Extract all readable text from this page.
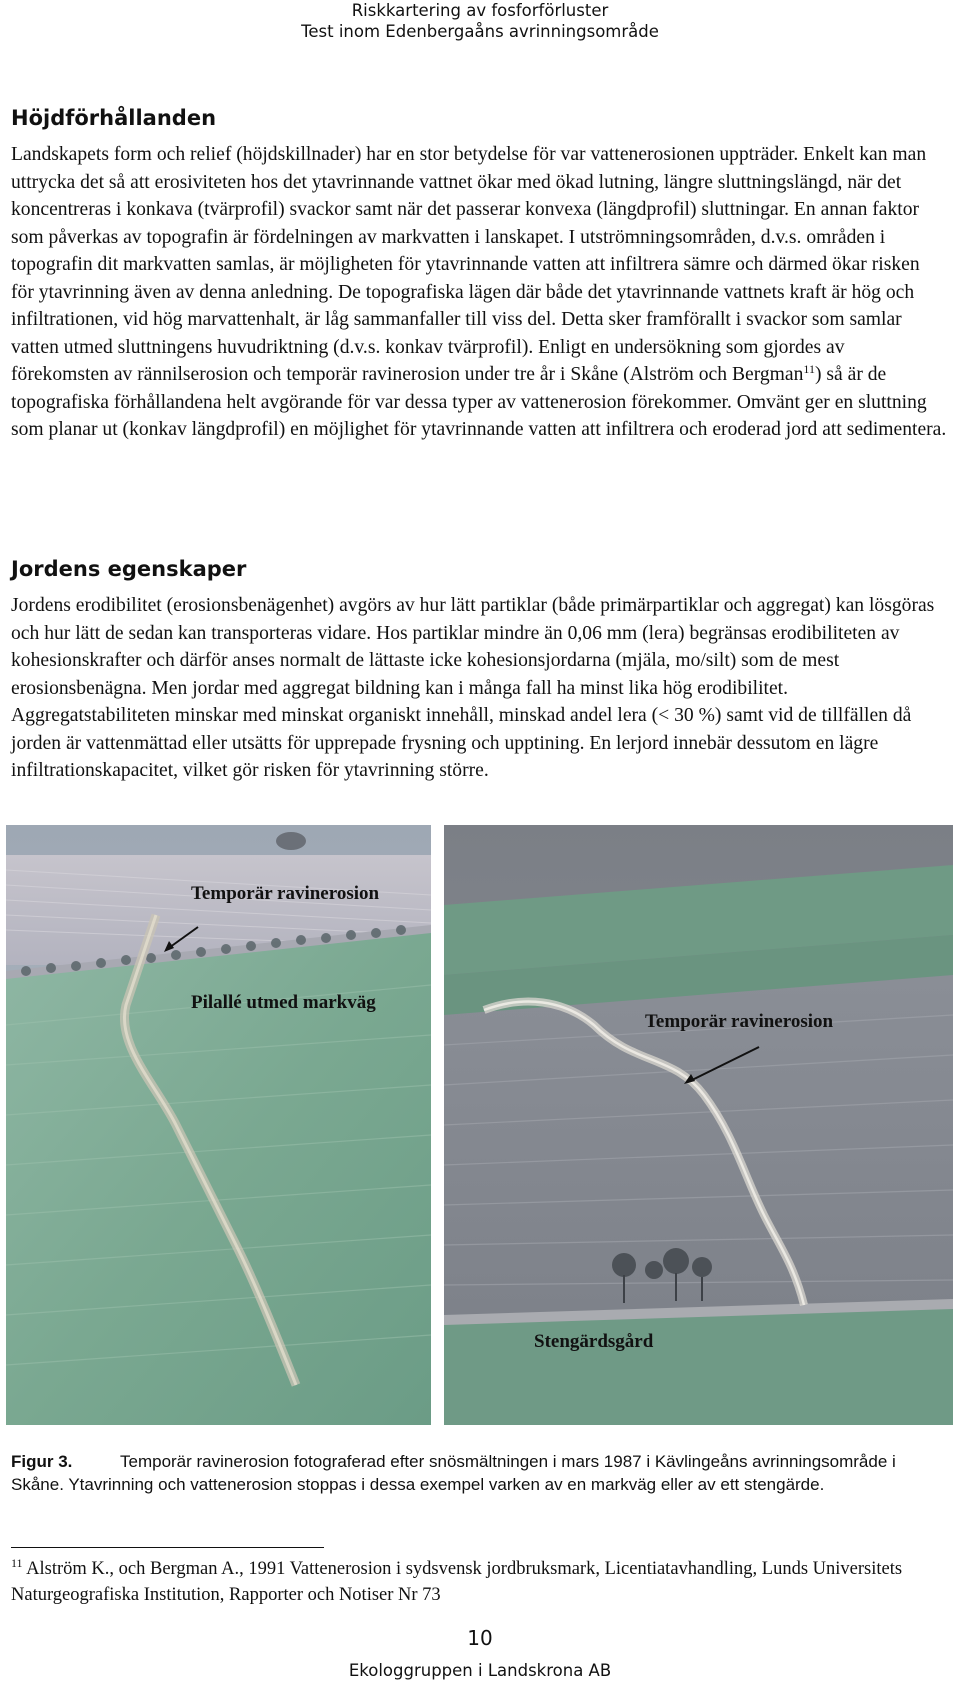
Riskkartering av fosforförluster
Test inom Edenbergaåns avrinningsområde
Höjdförhållanden

Landskapets form och relief (höjdskillnader) har en stor betydelse för var vattenerosionen uppträder. Enkelt kan man uttrycka det så att erosiviteten hos det ytavrinnande vattnet ökar med ökad lutning, längre sluttningslängd, när det koncentreras i konkava (tvärprofil) svackor samt när det passerar konvexa (längdprofil) sluttningar. En annan faktor som påverkas av topografin är fördelningen av markvatten i lanskapet. I utströmningsområden, d.v.s. områden i topografin dit markvatten samlas, är möjligheten för ytavrinnande vatten att infiltrera sämre och därmed ökar risken för ytavrinning även av denna anledning. De topografiska lägen där både det ytavrinnande vattnets kraft är hög och infiltrationen, vid hög marvattenhalt, är låg sammanfaller till viss del. Detta sker framförallt i svackor som samlar vatten utmed sluttningens huvudriktning (d.v.s. konkav tvärprofil). Enligt en undersökning som gjordes av förekomsten av rännilserosion och temporär ravinerosion under tre år i Skåne (Alström och Bergman$^{11}$) så är de topografiska förhållandena helt avgörande för var dessa typer av vattenerosion förekommer. Omvänt ger en sluttning som planar ut (konkav längdprofil) en möjlighet för ytavrinnande vatten att infiltrera och eroderad jord att sedimentera.

Jordens egenskaper

Jordens erodibilitet (erosionsbenägenhet) avgörs av hur lätt partiklar (både primärpartiklar och aggregat) kan lösgöras och hur lätt de sedan kan transporteras vidare. Hos partiklar mindre än 0,06 mm (lera) begränsas erodibiliteten av kohesionskrafter och därför anses normalt de lättaste icke kohesionsjordarna (mjäla, mo/silt) som de mest erosionsbenägna. Men jordar med aggregat bildning kan i många fall ha minst lika hög erodibilitet. Aggregatstabiliteten minskar med minskat organiskt innehåll, minskad andel lera (< 30 %) samt vid de tillfällen då jorden är vattenmättad eller utsätts för upprepade frysning och upptining. En lerjord innebär dessutom en lägre infiltrationskapacitet, vilket gör risken för ytavrinning större.

Temporär ravinerosion
Pilallé utmed markväg
Temporär ravinerosion
Stengärdsgård

Figur 3.	Temporär ravinerosion fotograferad efter snösmältningen i mars 1987 i Kävlingeåns avrinningsområde i Skåne. Ytavrinning och vattenerosion stoppas i dessa exempel varken av en markväg eller av ett stengärde.

$^{11}$ Alström K., och Bergman A., 1991 Vattenerosion i sydsvensk jordbruksmark, Licentiatavhandling, Lunds Universitets Naturgeografiska Institution, Rapporter och Notiser Nr 73

10
Ekologgruppen i Landskrona AB
